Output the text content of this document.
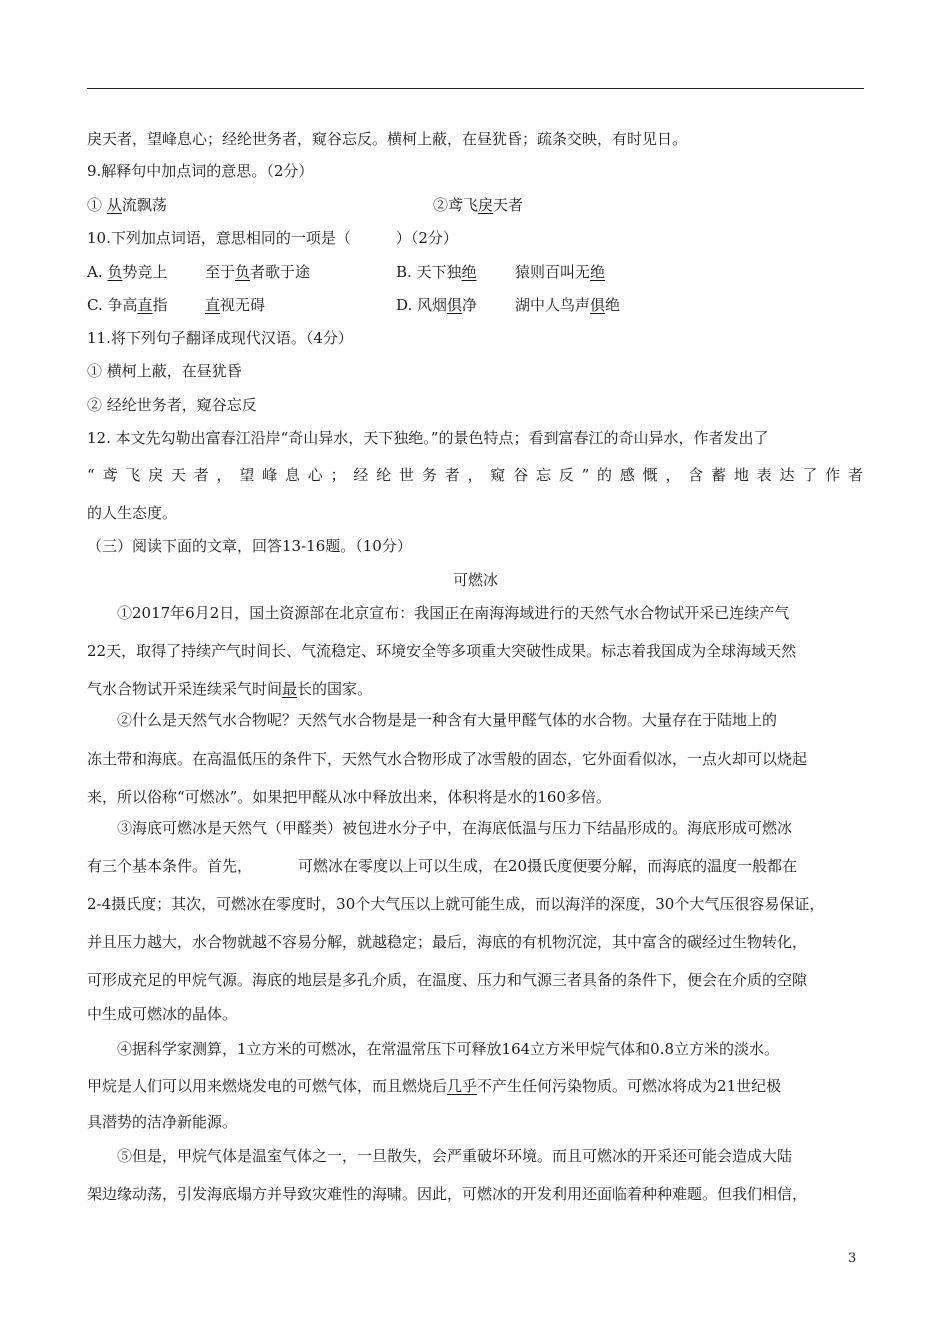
戾天者，望峰息心；经纶世务者，窥谷忘反。横柯上蔽，在昼犹昏；疏条交映，有时见日。
9.解释句中加点词的意思。（2分）
① 从流飘荡	②鸢飞戾天者
10.下列加点词语，意思相同的一项是（　　　）（2分）
A. 负势竞上	至于负者歌于途	B. 天下独绝	猿则百叫无绝
C. 争高直指 直视无碍	D. 风烟俱净	湖中人鸟声俱绝
11.将下列句子翻译成现代汉语。（4分）
① 横柯上蔽，在昼犹昏
② 经纶世务者，窥谷忘反
12. 本文先勾勒出富春江沿岸“奇山异水，天下独绝。”的景色特点；看到富春江的奇山异水，作者发出了
“鸢飞戾天者，望峰息心；经纶世务者，窥谷忘反”的感慨，含蓄地表达了作者
的人生态度。
（三）阅读下面的文章，回答13-16题。（10分）
可燃冰
①2017年6月2日，国土资源部在北京宣布：我国正在南海海域进行的天然气水合物试开采已连续产气
22天，取得了持续产气时间长、气流稳定、环境安全等多项重大突破性成果。标志着我国成为全球海域天然
气水合物试开采连续采气时间最长的国家。
②什么是天然气水合物呢？天然气水合物是是一种含有大量甲醛气体的水合物。大量存在于陆地上的
冻土带和海底。在高温低压的条件下，天然气水合物形成了冰雪般的固态，它外面看似冰，一点火却可以烧起
来，所以俗称“可燃冰”。如果把甲醛从冰中释放出来，体积将是水的160多倍。
③海底可燃冰是天然气（甲醛类）被包进水分子中，在海底低温与压力下结晶形成的。海底形成可燃冰
有三个基本条件。首先，	可燃冰在零度以上可以生成，在20摄氏度便要分解，而海底的温度一般都在
2-4摄氏度；其次，可燃冰在零度时，30个大气压以上就可能生成，而以海洋的深度，30个大气压很容易保证，
并且压力越大，水合物就越不容易分解，就越稳定；最后，海底的有机物沉淀，其中富含的碳经过生物转化，
可形成充足的甲烷气源。海底的地层是多孔介质，在温度、压力和气源三者具备的条件下，便会在介质的空隙
中生成可燃冰的晶体。
④据科学家测算，1立方米的可燃冰，在常温常压下可释放164立方米甲烷气体和0.8立方米的淡水。
甲烷是人们可以用来燃烧发电的可燃气体，而且燃烧后几乎不产生任何污染物质。可燃冰将成为21世纪极
具潜势的洁净新能源。
⑤但是，甲烷气体是温室气体之一，一旦散失，会严重破坏环境。而且可燃冰的开采还可能会造成大陆
架边缘动荡，引发海底塌方并导致灾难性的海啸。因此，可燃冰的开发利用还面临着种种难题。但我们相信，
3
